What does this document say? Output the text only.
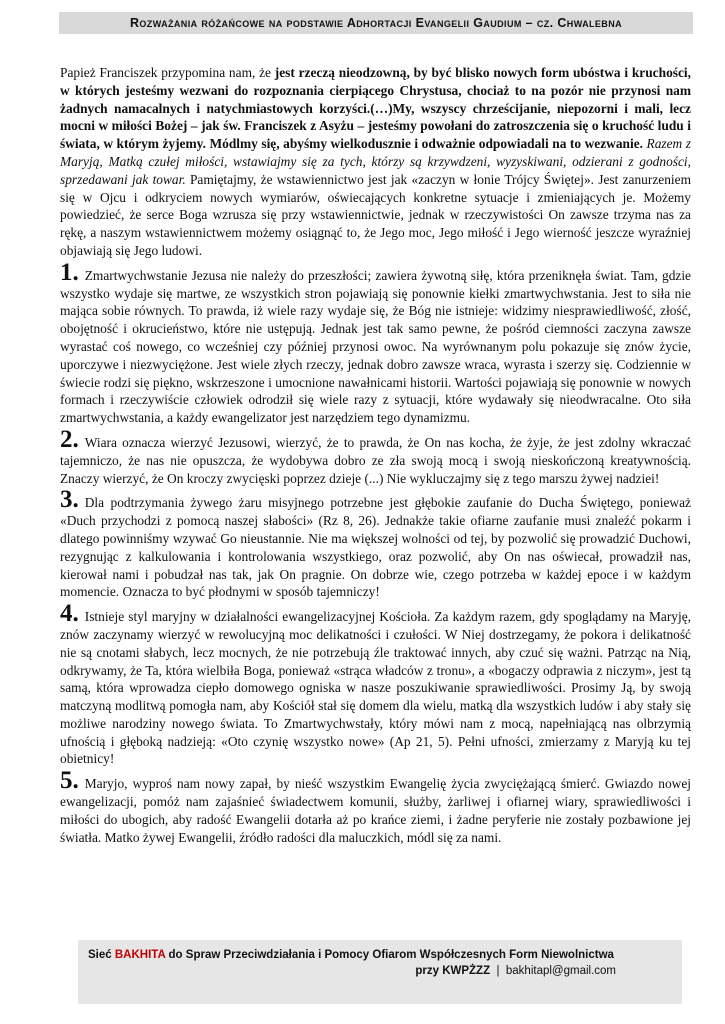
Rozważania różańcowe na podstawie Adhortacji Evangelii Gaudium – cz. Chwalebna

Papież Franciszek przypomina nam, że jest rzeczą nieodzowną, by być blisko nowych form ubóstwa i kruchości, w których jesteśmy wezwani do rozpoznania cierpiącego Chrystusa, chociaż to na pozór nie przynosi nam żadnych namacalnych i natychmiastowych korzyści.(…)My, wszyscy chrześcijanie, niepozorni i mali, lecz mocni w miłości Bożej – jak św. Franciszek z Asyżu – jesteśmy powołani do zatroszczenia się o kruchość ludu i świata, w którym żyjemy. Módlmy się, abyśmy wielkodusznie i odważnie odpowiadali na to wezwanie. Razem z Maryją, Matką czułej miłości, wstawiajmy się za tych, którzy są krzywdzeni, wyzyskiwani, odzierani z godności, sprzedawani jak towar. Pamiętajmy, że wstawiennictwo jest jak «zaczyn w łonie Trójcy Świętej». Jest zanurzeniem się w Ojcu i odkryciem nowych wymiarów, oświecających konkretne sytuacje i zmieniających je. Możemy powiedzieć, że serce Boga wzrusza się przy wstawiennictwie, jednak w rzeczywistości On zawsze trzyma nas za rękę, a naszym wstawiennictwem możemy osiągnąć to, że Jego moc, Jego miłość i Jego wierność jeszcze wyraźniej objawiają się Jego ludowi.

1. Zmartwychwstanie Jezusa nie należy do przeszłości; zawiera żywotną siłę, która przeniknęła świat. Tam, gdzie wszystko wydaje się martwe, ze wszystkich stron pojawiają się ponownie kiełki zmartwychwstania. Jest to siła nie mająca sobie równych. To prawda, iż wiele razy wydaje się, że Bóg nie istnieje: widzimy niesprawiedliwość, złość, obojętność i okrucieństwo, które nie ustępują. Jednak jest tak samo pewne, że pośród ciemności zaczyna zawsze wyrastać coś nowego, co wcześniej czy później przynosi owoc. Na wyrównanym polu pokazuje się znów życie, uporczywe i niezwyciężone. Jest wiele złych rzeczy, jednak dobro zawsze wraca, wyrasta i szerzy się. Codziennie w świecie rodzi się piękno, wskrzeszone i umocnione nawałnicami historii. Wartości pojawiają się ponownie w nowych formach i rzeczywiście człowiek odrodził się wiele razy z sytuacji, które wydawały się nieodwracalne. Oto siła zmartwychwstania, a każdy ewangelizator jest narzędziem tego dynamizmu.

2. Wiara oznacza wierzyć Jezusowi, wierzyć, że to prawda, że On nas kocha, że żyje, że jest zdolny wkraczać tajemniczo, że nas nie opuszcza, że wydobywa dobro ze zła swoją mocą i swoją nieskończoną kreatywnością. Znaczy wierzyć, że On kroczy zwycięski poprzez dzieje (...) Nie wykluczajmy się z tego marszu żywej nadziei!

3. Dla podtrzymania żywego żaru misyjnego potrzebne jest głębokie zaufanie do Ducha Świętego, ponieważ «Duch przychodzi z pomocą naszej słabości» (Rz 8, 26). Jednakże takie ofiarne zaufanie musi znaleźć pokarm i dlatego powinniśmy wzywać Go nieustannie. Nie ma większej wolności od tej, by pozwolić się prowadzić Duchowi, rezygnując z kalkulowania i kontrolowania wszystkiego, oraz pozwolić, aby On nas oświecał, prowadził nas, kierował nami i pobudzał nas tak, jak On pragnie. On dobrze wie, czego potrzeba w każdej epoce i w każdym momencie. Oznacza to być płodnymi w sposób tajemniczy!

4. Istnieje styl maryjny w działalności ewangelizacyjnej Kościoła. Za każdym razem, gdy spoglądamy na Maryję, znów zaczynamy wierzyć w rewolucyjną moc delikatności i czułości. W Niej dostrzegamy, że pokora i delikatność nie są cnotami słabych, lecz mocnych, że nie potrzebują źle traktować innych, aby czuć się ważni. Patrząc na Nią, odkrywamy, że Ta, która wielbiła Boga, ponieważ «strąca władców z tronu», a «bogaczy odprawia z niczym», jest tą samą, która wprowadza ciepło domowego ogniska w nasze poszukiwanie sprawiedliwości. Prosimy Ją, by swoją matczyną modlitwą pomogła nam, aby Kościół stał się domem dla wielu, matką dla wszystkich ludów i aby stały się możliwe narodziny nowego świata. To Zmartwychwstały, który mówi nam z mocą, napełniającą nas olbrzymią ufnością i głęboką nadzieją: «Oto czynię wszystko nowe» (Ap 21, 5). Pełni ufności, zmierzamy z Maryją ku tej obietnicy!

5. Maryjo, wyproś nam nowy zapał, by nieść wszystkim Ewangelię życia zwyciężającą śmierć. Gwiazdo nowej ewangelizacji, pomóż nam zajaśnieć świadectwem komunii, służby, żarliwej i ofiarnej wiary, sprawiedliwości i miłości do ubogich, aby radość Ewangelii dotarła aż po krańce ziemi, i żadne peryferie nie zostały pozbawione jej światła. Matko żywej Ewangelii, źródło radości dla maluczkich, módl się za nami.

Sieć BAKHITA do Spraw Przeciwdziałania i Pomocy Ofiarom Współczesnych Form Niewolnictwa
przy KWPŻZZ  |  bakhitapl@gmail.com
